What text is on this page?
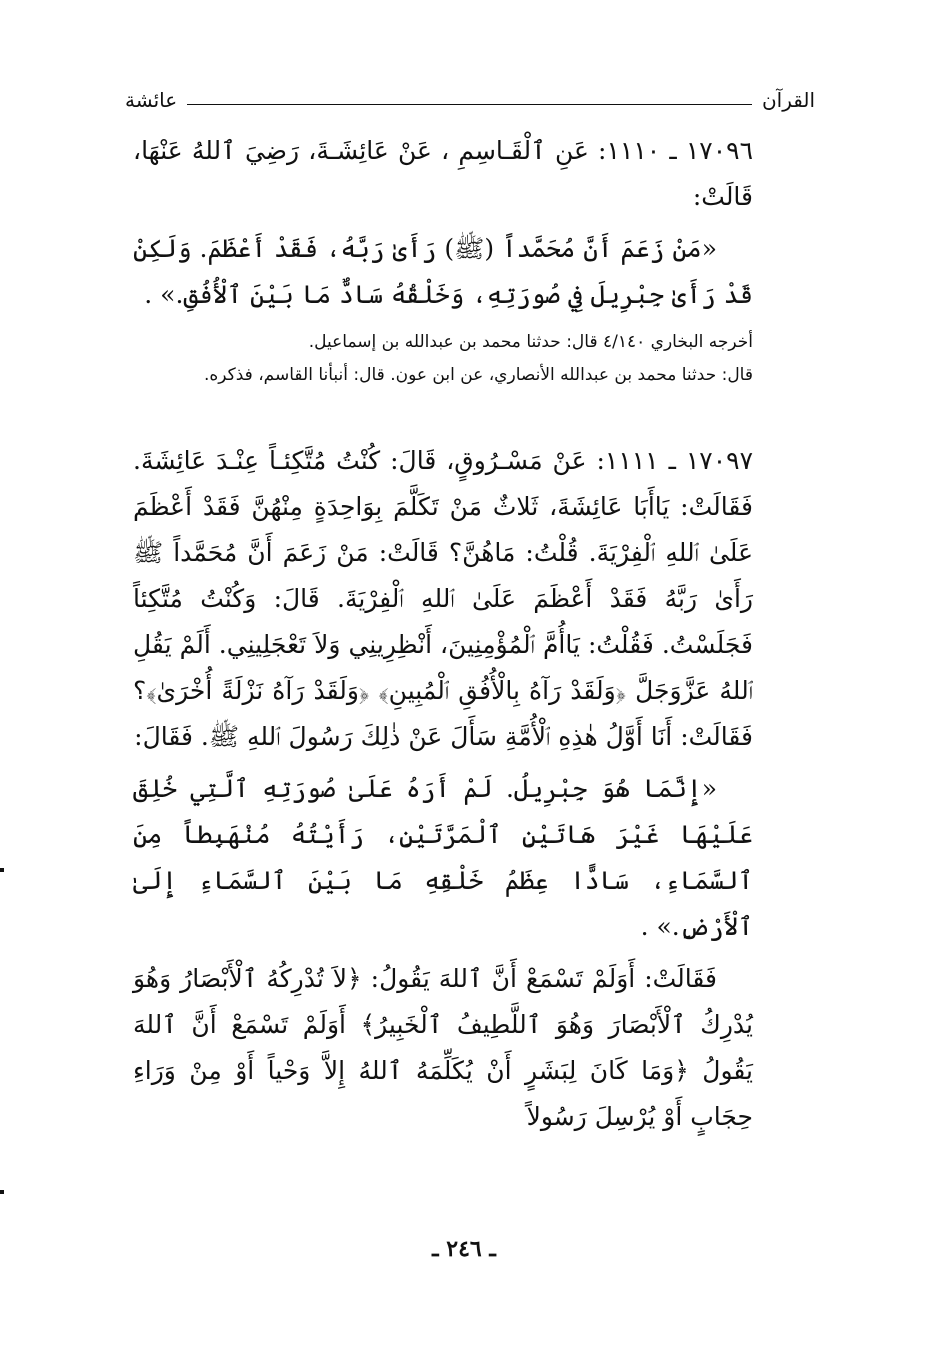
القرآن
عائشة

١٧٠٩٦ ـ ١١١٠: عَنِ ٱلْقَـاسِمِ ، عَنْ عَائِشَـةَ، رَضِيَ ٱللهُ عَنْهَا، قَالَتْ:

«مَنْ زَعَمَ أَنَّ مُحَمَّداً (ﷺ) رَأَىٰ رَبَّهُ، فَقَدْ أَعْظَمَ. وَلَكِنْ قَدْ رَأَىٰ جِبْرِيلَ فِي صُورَتِهِ، وَخَلْقُهُ سَادٌّ مَا بَيْنَ ٱلْأُفُقِ.» .

أخرجه البخاري ٤/١٤٠ قال: حدثنا محمد بن عبدالله بن إسماعيل.

قال: حدثنا محمد بن عبدالله الأنصاري، عن ابن عون. قال: أنبأنا القاسم، فذكره.

١٧٠٩٧ ـ ١١١١: عَنْ مَسْـرُوقٍ، قَالَ: كُنْتُ مُتَّكِئـاً عِنْـدَ عَائِشَةَ. فَقَالَتْ: يَاأَبَا عَائِشَةَ، ثَلاثٌ مَنْ تَكَلَّمَ بِوَاحِدَةٍ مِنْهُنَّ فَقَدْ أَعْظَمَ عَلَىٰ ٱللهِ ٱلْفِرْيَةَ. قُلْتُ: مَاهُنَّ؟ قَالَتْ: مَنْ زَعَمَ أَنَّ مُحَمَّداً ﷺ رَأَىٰ رَبَّهُ فَقَدْ أَعْظَمَ عَلَىٰ ٱللهِ ٱلْفِرْيَةَ. قَالَ: وَكُنْتُ مُتَّكِئاً فَجَلَسْتُ. فَقُلْتُ: يَاأُمَّ ٱلْمُؤْمِنِينَ، أَنْظِرِينِي وَلاَ تَعْجَلِينِي. أَلَمْ يَقُلِ ٱللهُ عَزَّوَجَلَّ ﴿وَلَقَدْ رَآهُ بِالْأُفُقِ ٱلْمُبِينِ﴾ ﴿وَلَقَدْ رَآهُ نَزْلَةً أُخْرَىٰ﴾؟ فَقَالَتْ: أَنَا أَوَّلُ هٰذِهِ ٱلْأُمَّةِ سَأَلَ عَنْ ذٰلِكَ رَسُولَ ٱللهِ ﷺ. فَقَالَ:

«إِنَّمَا هُوَ جِبْرِيلُ. لَمْ أَرَهُ عَلَىٰ صُورَتِهِ ٱلَّتِي خُلِقَ عَلَيْهَا غَيْرَ هَاتَيْنِ ٱلْمَرَّتَيْنِ، رَأَيْتُهُ مُنْهَبِطاً مِنَ ٱلسَّمَاءِ، سَادًّا عِظَمُ خَلْقِهِ مَا بَيْنَ ٱلسَّمَاءِ إِلَىٰ ٱلْأَرْضِ.» .

فَقَالَتْ: أَوَلَمْ تَسْمَعْ أَنَّ ٱللهَ يَقُولُ: ﴿لاَ تُدْرِكُهُ ٱلْأَبْصَارُ وَهُوَ يُدْرِكُ ٱلْأَبْصَارَ وَهُوَ ٱللَّطِيفُ ٱلْخَبِيرُ﴾ أَوَلَمْ تَسْمَعْ أَنَّ ٱللهَ يَقُولُ ﴿وَمَا كَانَ لِبَشَرٍ أَنْ يُكَلِّمَهُ ٱللهُ إِلاَّ وَحْياً أَوْ مِنْ وَرَاءِ حِجَابٍ أَوْ يُرْسِلَ رَسُولاً

ـ ٢٤٦ ـ
